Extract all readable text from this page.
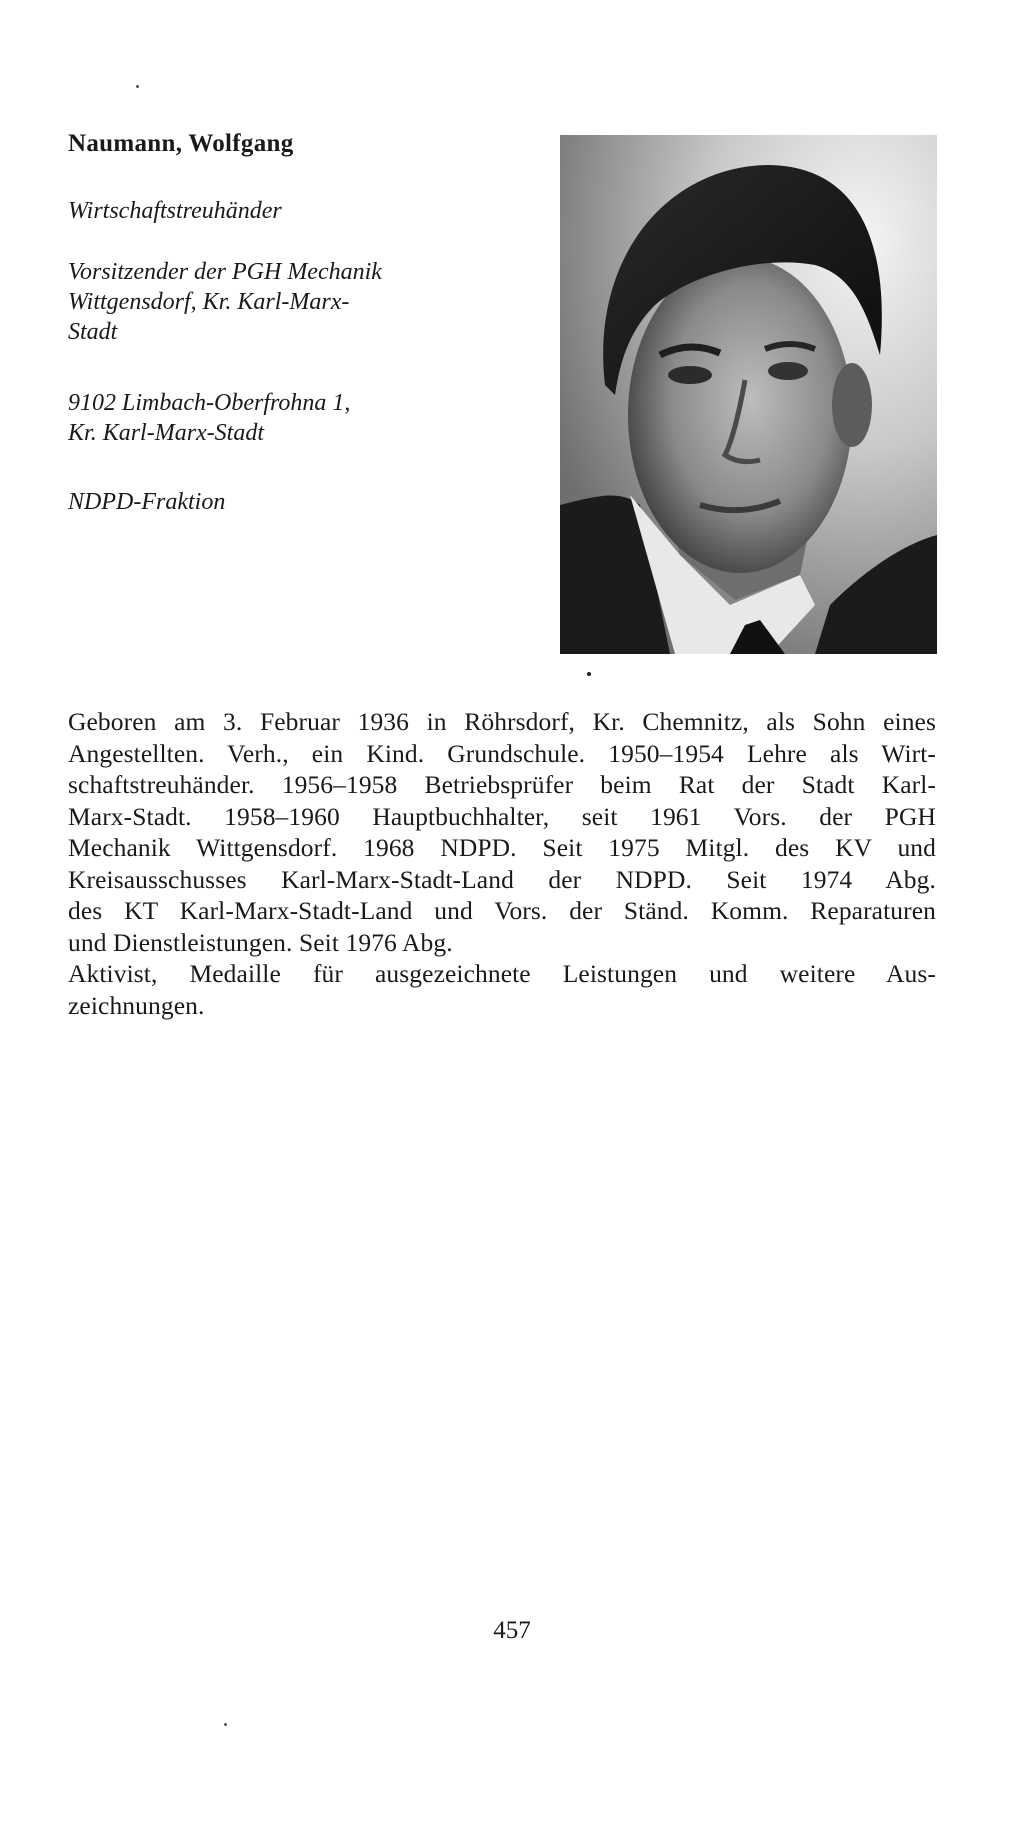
Naumann, Wolfgang
Wirtschaftstreuhänder
Vorsitzender der PGH Mechanik
Wittgensdorf, Kr. Karl-Marx-
Stadt
9102 Limbach-Oberfrohna 1,
Kr. Karl-Marx-Stadt
NDPD-Fraktion
Geboren am 3. Februar 1936 in Röhrsdorf, Kr. Chemnitz, als Sohn eines
Angestellten. Verh., ein Kind. Grundschule. 1950–1954 Lehre als Wirt-
schaftstreuhänder. 1956–1958 Betriebsprüfer beim Rat der Stadt Karl-
Marx-Stadt. 1958–1960 Hauptbuchhalter, seit 1961 Vors. der PGH
Mechanik Wittgensdorf. 1968 NDPD. Seit 1975 Mitgl. des KV und
Kreisausschusses Karl-Marx-Stadt-Land der NDPD. Seit 1974 Abg.
des KT Karl-Marx-Stadt-Land und Vors. der Ständ. Komm. Reparaturen
und Dienstleistungen. Seit 1976 Abg.
Aktivist, Medaille für ausgezeichnete Leistungen und weitere Aus-
zeichnungen.
457
